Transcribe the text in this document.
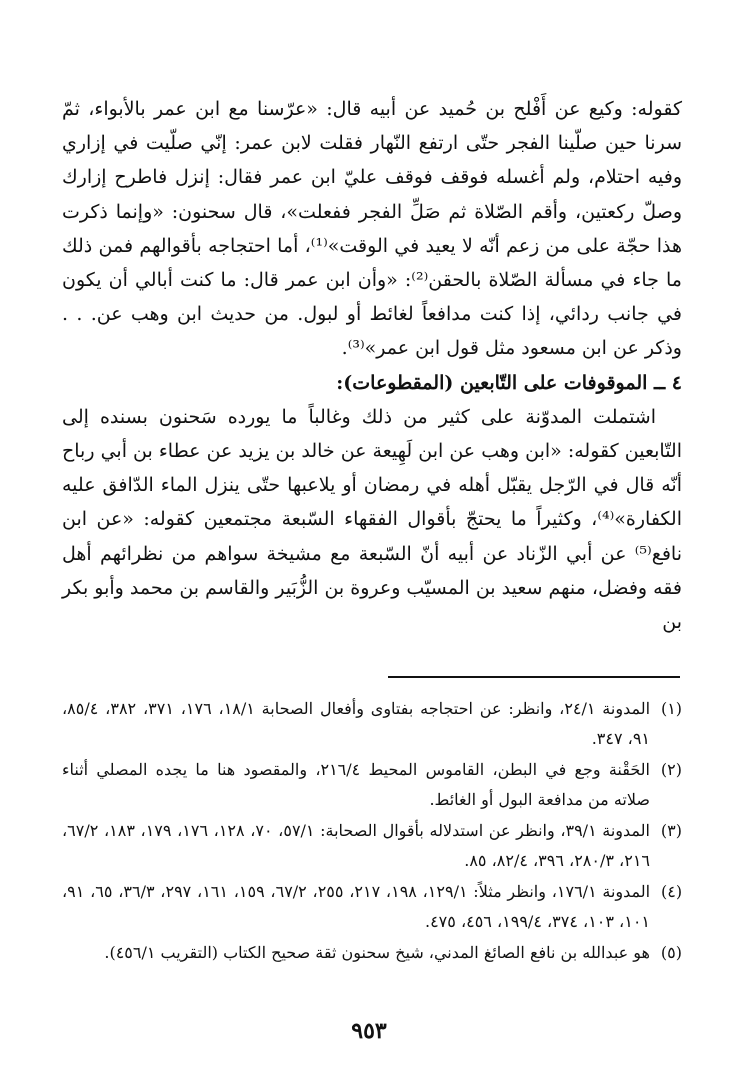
كقوله: وكيع عن أَفْلح بن حُميد عن أبيه قال: «عرّسنا مع ابن عمر بالأبواء، ثمّ سرنا حين صلّينا الفجر حتّى ارتفع النّهار فقلت لابن عمر: إنّي صلّيت في إزاري وفيه احتلام، ولم أغسله فوقف فوقف عليّ ابن عمر فقال: إنزل فاطرح إزارك وصلّ ركعتين، وأقم الصّلاة ثم صَلِّ الفجر ففعلت»، قال سحنون: «وإنما ذكرت هذا حجّة على من زعم أنّه لا يعيد في الوقت»⁽¹⁾، أما احتجاجه بأقوالهم فمن ذلك ما جاء في مسألة الصّلاة بالحقن⁽²⁾: «وأن ابن عمر قال: ما كنت أبالي أن يكون في جانب ردائي، إذا كنت مدافعاً لغائط أو لبول. من حديث ابن وهب عن. . . وذكر عن ابن مسعود مثل قول ابن عمر»⁽³⁾.

٤ ــ الموقوفات على التّابعين (المقطوعات):

اشتملت المدوّنة على كثير من ذلك وغالباً ما يورده سَحنون بسنده إلى التّابعين كقوله: «ابن وهب عن ابن لَهِيعة عن خالد بن يزيد عن عطاء بن أبي رباح أنّه قال في الرّجل يقبّل أهله في رمضان أو يلاعبها حتّى ينزل الماء الدّافق عليه الكفارة»⁽⁴⁾، وكثيراً ما يحتجّ بأقوال الفقهاء السّبعة مجتمعين كقوله: «عن ابن نافع⁽⁵⁾ عن أبي الزّناد عن أبيه أنّ السّبعة مع مشيخة سواهم من نظرائهم أهل فقه وفضل، منهم سعيد بن المسيّب وعروة بن الزُّبَير والقاسم بن محمد وأبو بكر بن

(١)المدونة ٢٤/١، وانظر: عن احتجاجه بفتاوى وأفعال الصحابة ١٨/١، ١٧٦، ٣٧١، ٣٨٢، ٨٥/٤، ٩١، ٣٤٧.

(٢)الحَقْنة وجع في البطن، القاموس المحيط ٢١٦/٤، والمقصود هنا ما يجده المصلي أثناء صلاته من مدافعة البول أو الغائط.

(٣)المدونة ٣٩/١، وانظر عن استدلاله بأقوال الصحابة: ٥٧/١، ٧٠، ١٢٨، ١٧٦، ١٧٩، ١٨٣، ٦٧/٢، ٢١٦، ٢٨٠/٣، ٣٩٦، ٨٢/٤، ٨٥.

(٤)المدونة ١٧٦/١، وانظر مثلاً: ١٢٩/١، ١٩٨، ٢١٧، ٢٥٥، ٦٧/٢، ١٥٩، ١٦١، ٢٩٧، ٣٦/٣، ٦٥، ٩١، ١٠١، ١٠٣، ٣٧٤، ١٩٩/٤، ٤٥٦، ٤٧٥.

(٥)هو عبدالله بن نافع الصائغ المدني، شيخ سحنون ثقة صحيح الكتاب (التقريب ٤٥٦/١).

٩٥٣
